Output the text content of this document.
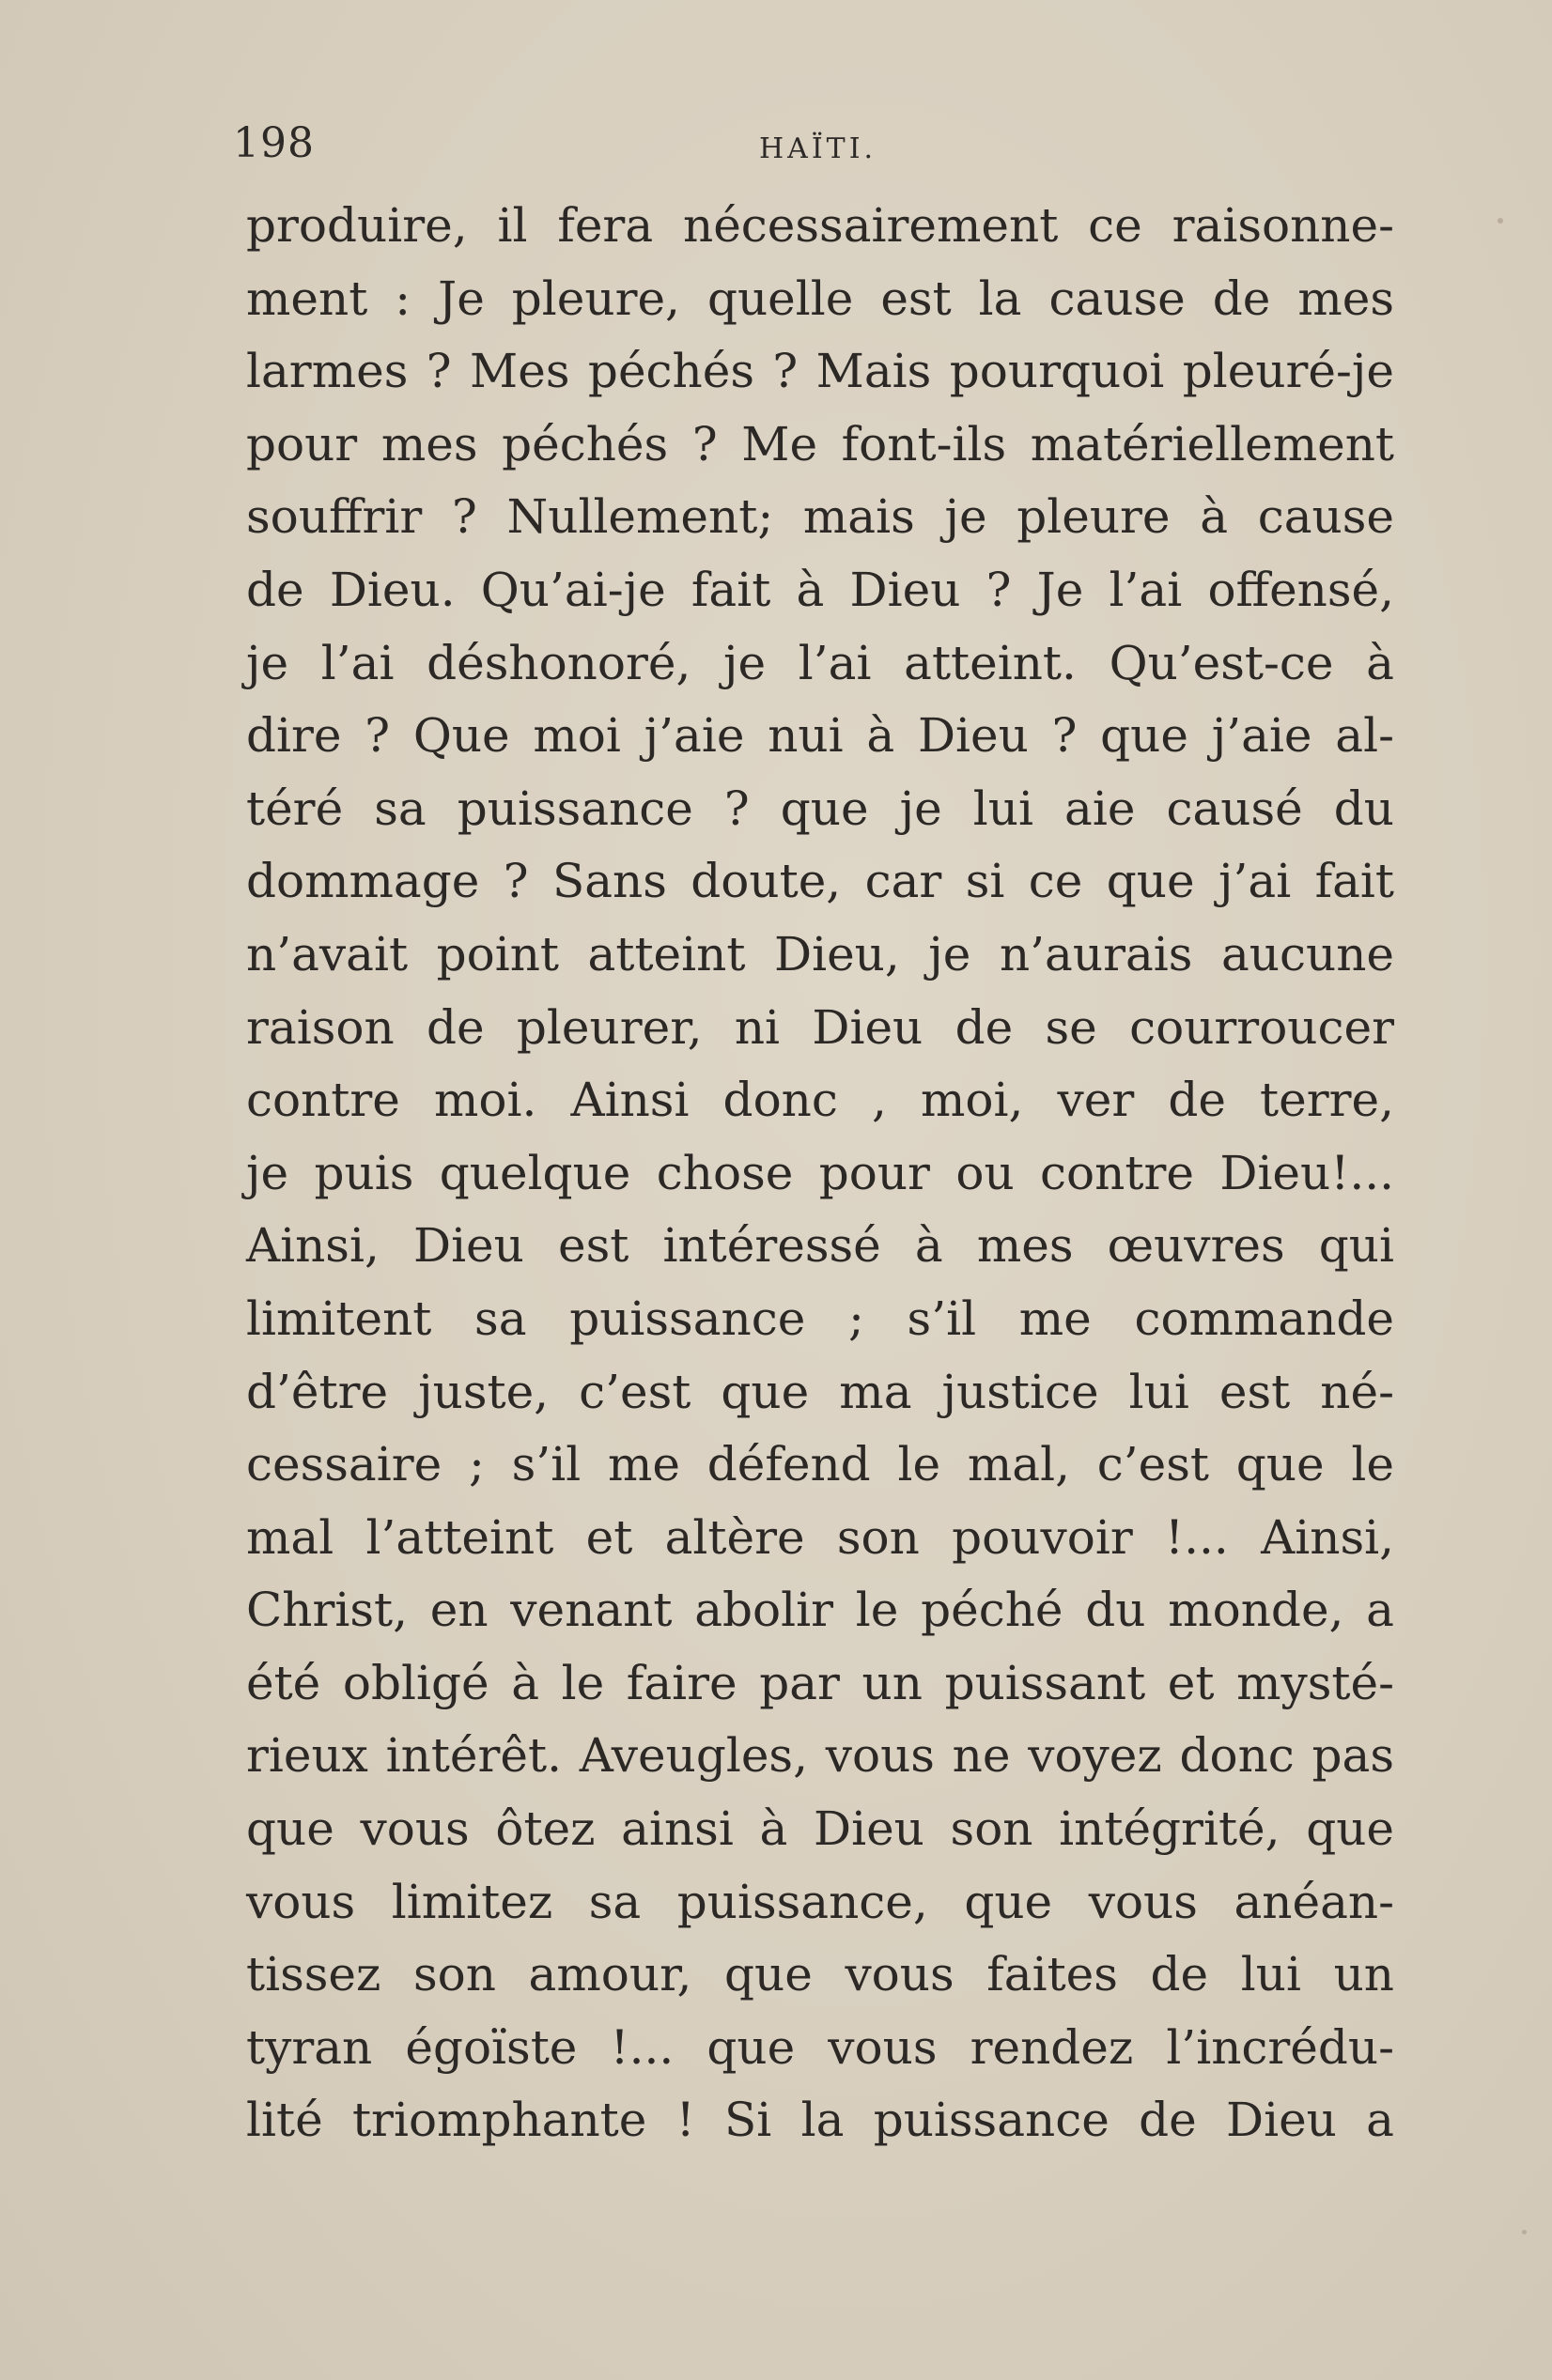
198	HAÏTI.
produire, il fera nécessairement ce raisonne-
ment : Je pleure, quelle est la cause de mes
larmes ? Mes péchés ? Mais pourquoi pleuré-je
pour mes péchés ? Me font-ils matériellement
souffrir ? Nullement; mais je pleure à cause
de Dieu. Qu’ai-je fait à Dieu ? Je l’ai offensé,
je l’ai déshonoré, je l’ai atteint. Qu’est-ce à
dire ? Que moi j’aie nui à Dieu ? que j’aie al-
téré sa puissance ? que je lui aie causé du
dommage ? Sans doute, car si ce que j’ai fait
n’avait point atteint Dieu, je n’aurais aucune
raison de pleurer, ni Dieu de se courroucer
contre moi. Ainsi donc , moi, ver de terre,
je puis quelque chose pour ou contre Dieu!...
Ainsi, Dieu est intéressé à mes œuvres qui
limitent sa puissance ; s’il me commande
d’être juste, c’est que ma justice lui est né-
cessaire ; s’il me défend le mal, c’est que le
mal l’atteint et altère son pouvoir !... Ainsi,
Christ, en venant abolir le péché du monde, a
été obligé à le faire par un puissant et mysté-
rieux intérêt. Aveugles, vous ne voyez donc pas
que vous ôtez ainsi à Dieu son intégrité, que
vous limitez sa puissance, que vous anéan-
tissez son amour, que vous faites de lui un
tyran égoïste !... que vous rendez l’incrédu-
lité triomphante ! Si la puissance de Dieu a
